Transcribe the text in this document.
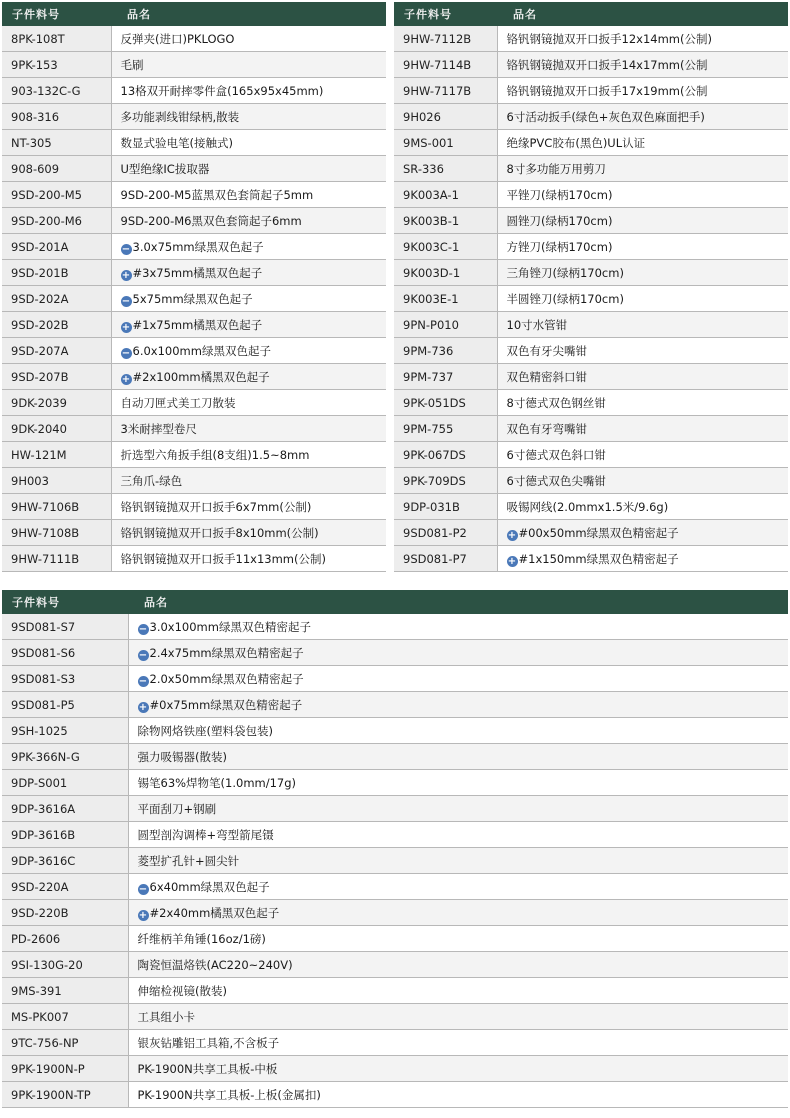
子件料号	品名
8PK-108T	反弹夹(进口)PKLOGO
9PK-153	毛刷
903-132C-G	13格双开耐摔零件盒(165x95x45mm)
908-316	多功能剥线钳绿柄,散装
NT-305	数显式验电笔(接触式)
908-609	U型绝缘IC拔取器
9SD-200-M5	9SD-200-M5蓝黑双色套筒起子5mm
9SD-200-M6	9SD-200-M6黑双色套筒起子6mm
9SD-201A	− 3.0x75mm绿黑双色起子
9SD-201B	+ #3x75mm橘黑双色起子
9SD-202A	− 5x75mm绿黑双色起子
9SD-202B	+ #1x75mm橘黑双色起子
9SD-207A	− 6.0x100mm绿黑双色起子
9SD-207B	+ #2x100mm橘黑双色起子
9DK-2039	自动刀匣式美工刀散装
9DK-2040	3米耐摔型卷尺
HW-121M	折选型六角扳手组(8支组)1.5~8mm
9H003	三角爪-绿色
9HW-7106B	铬钒钢镜抛双开口扳手6x7mm(公制)
9HW-7108B	铬钒钢镜抛双开口扳手8x10mm(公制)
9HW-7111B	铬钒钢镜抛双开口扳手11x13mm(公制)
子件料号	品名
9HW-7112B	铬钒钢镜抛双开口扳手12x14mm(公制)
9HW-7114B	铬钒钢镜抛双开口扳手14x17mm(公制
9HW-7117B	铬钒钢镜抛双开口扳手17x19mm(公制
9H026	6寸活动扳手(绿色+灰色双色麻面把手)
9MS-001	绝缘PVC胶布(黑色)UL认证
SR-336	8寸多功能万用剪刀
9K003A-1	平锉刀(绿柄170cm)
9K003B-1	圆锉刀(绿柄170cm)
9K003C-1	方锉刀(绿柄170cm)
9K003D-1	三角锉刀(绿柄170cm)
9K003E-1	半圆锉刀(绿柄170cm)
9PN-P010	10寸水管钳
9PM-736	双色有牙尖嘴钳
9PM-737	双色精密斜口钳
9PK-051DS	8寸德式双色钢丝钳
9PM-755	双色有牙弯嘴钳
9PK-067DS	6寸德式双色斜口钳
9PK-709DS	6寸德式双色尖嘴钳
9DP-031B	吸锡网线(2.0mmx1.5米/9.6g)
9SD081-P2	+ #00x50mm绿黑双色精密起子
9SD081-P7	+ #1x150mm绿黑双色精密起子
子件料号	品名
9SD081-S7	− 3.0x100mm绿黑双色精密起子
9SD081-S6	− 2.4x75mm绿黑双色精密起子
9SD081-S3	− 2.0x50mm绿黑双色精密起子
9SD081-P5	+ #0x75mm绿黑双色精密起子
9SH-1025	除物网烙铁座(塑料袋包装)
9PK-366N-G	强力吸锡器(散装)
9DP-S001	锡笔63%焊物笔(1.0mm/17g)
9DP-3616A	平面刮刀+钢刷
9DP-3616B	圆型剖沟调棒+弯型箭尾镊
9DP-3616C	菱型扩孔针+圆尖针
9SD-220A	− 6x40mm绿黑双色起子
9SD-220B	+ #2x40mm橘黑双色起子
PD-2606	纤维柄羊角锤(16oz/1磅)
9SI-130G-20	陶瓷恒温烙铁(AC220~240V)
9MS-391	伸缩检视镜(散装)
MS-PK007	工具组小卡
9TC-756-NP	银灰钻雕铝工具箱,不含板子
9PK-1900N-P	PK-1900N共享工具板-中板
9PK-1900N-TP	PK-1900N共享工具板-上板(金属扣)
